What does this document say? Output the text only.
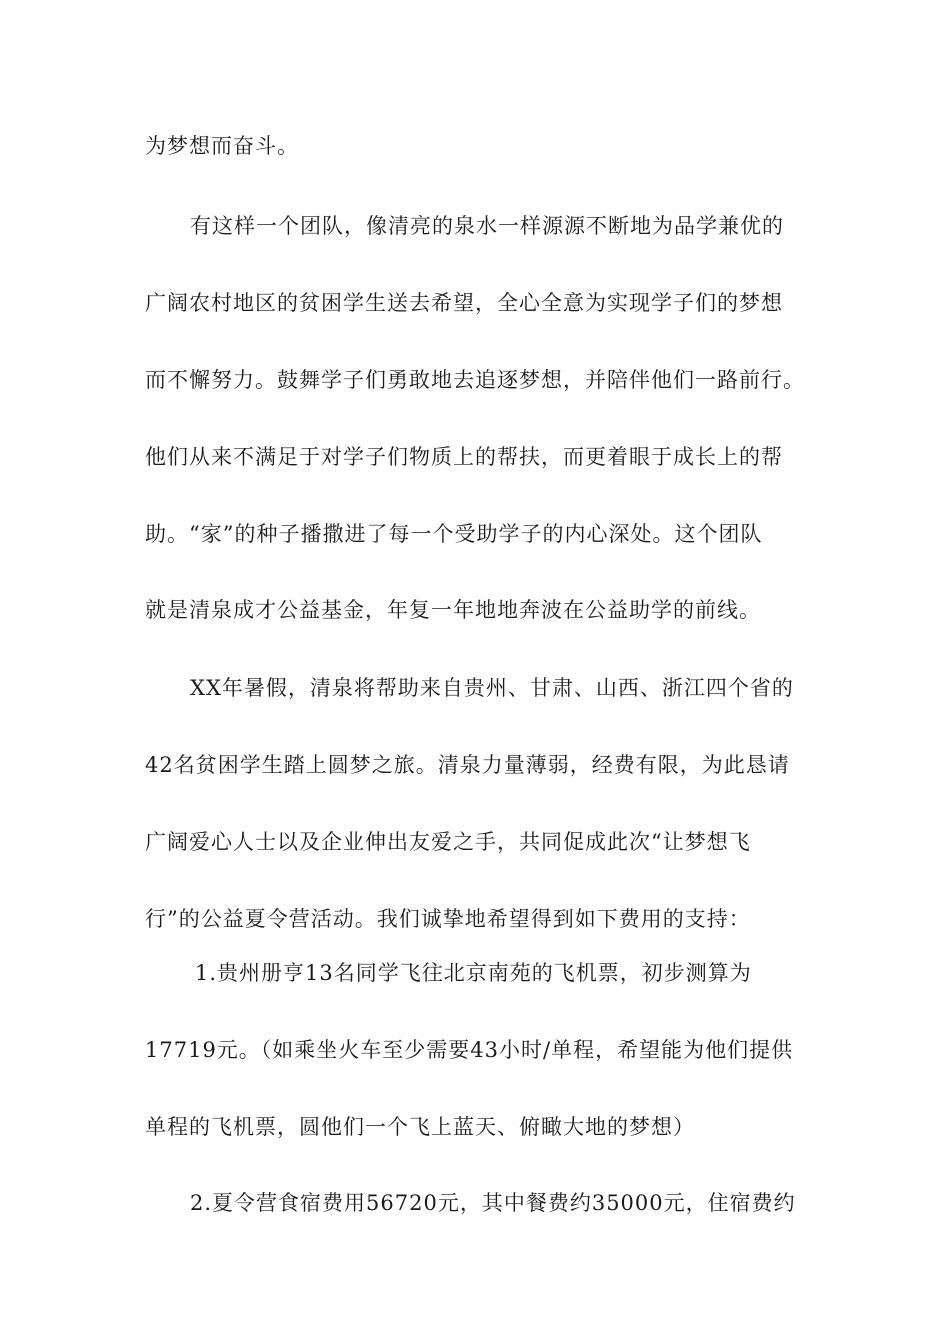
为梦想而奋斗。
有这样一个团队，像清亮的泉水一样源源不断地为品学兼优的
广阔农村地区的贫困学生送去希望，全心全意为实现学子们的梦想
而不懈努力。鼓舞学子们勇敢地去追逐梦想，并陪伴他们一路前行。
他们从来不满足于对学子们物质上的帮扶，而更着眼于成长上的帮
助。“家”的种子播撒进了每一个受助学子的内心深处。这个团队
就是清泉成才公益基金，年复一年地地奔波在公益助学的前线。
XX年暑假，清泉将帮助来自贵州、甘肃、山西、浙江四个省的
42名贫困学生踏上圆梦之旅。清泉力量薄弱，经费有限，为此恳请
广阔爱心人士以及企业伸出友爱之手，共同促成此次“让梦想飞
行”的公益夏令营活动。我们诚挚地希望得到如下费用的支持：
1.贵州册亨13名同学飞往北京南苑的飞机票，初步测算为
17719元。（如乘坐火车至少需要43小时/单程，希望能为他们提供
单程的飞机票，圆他们一个飞上蓝天、俯瞰大地的梦想）
2.夏令营食宿费用56720元，其中餐费约35000元，住宿费约
